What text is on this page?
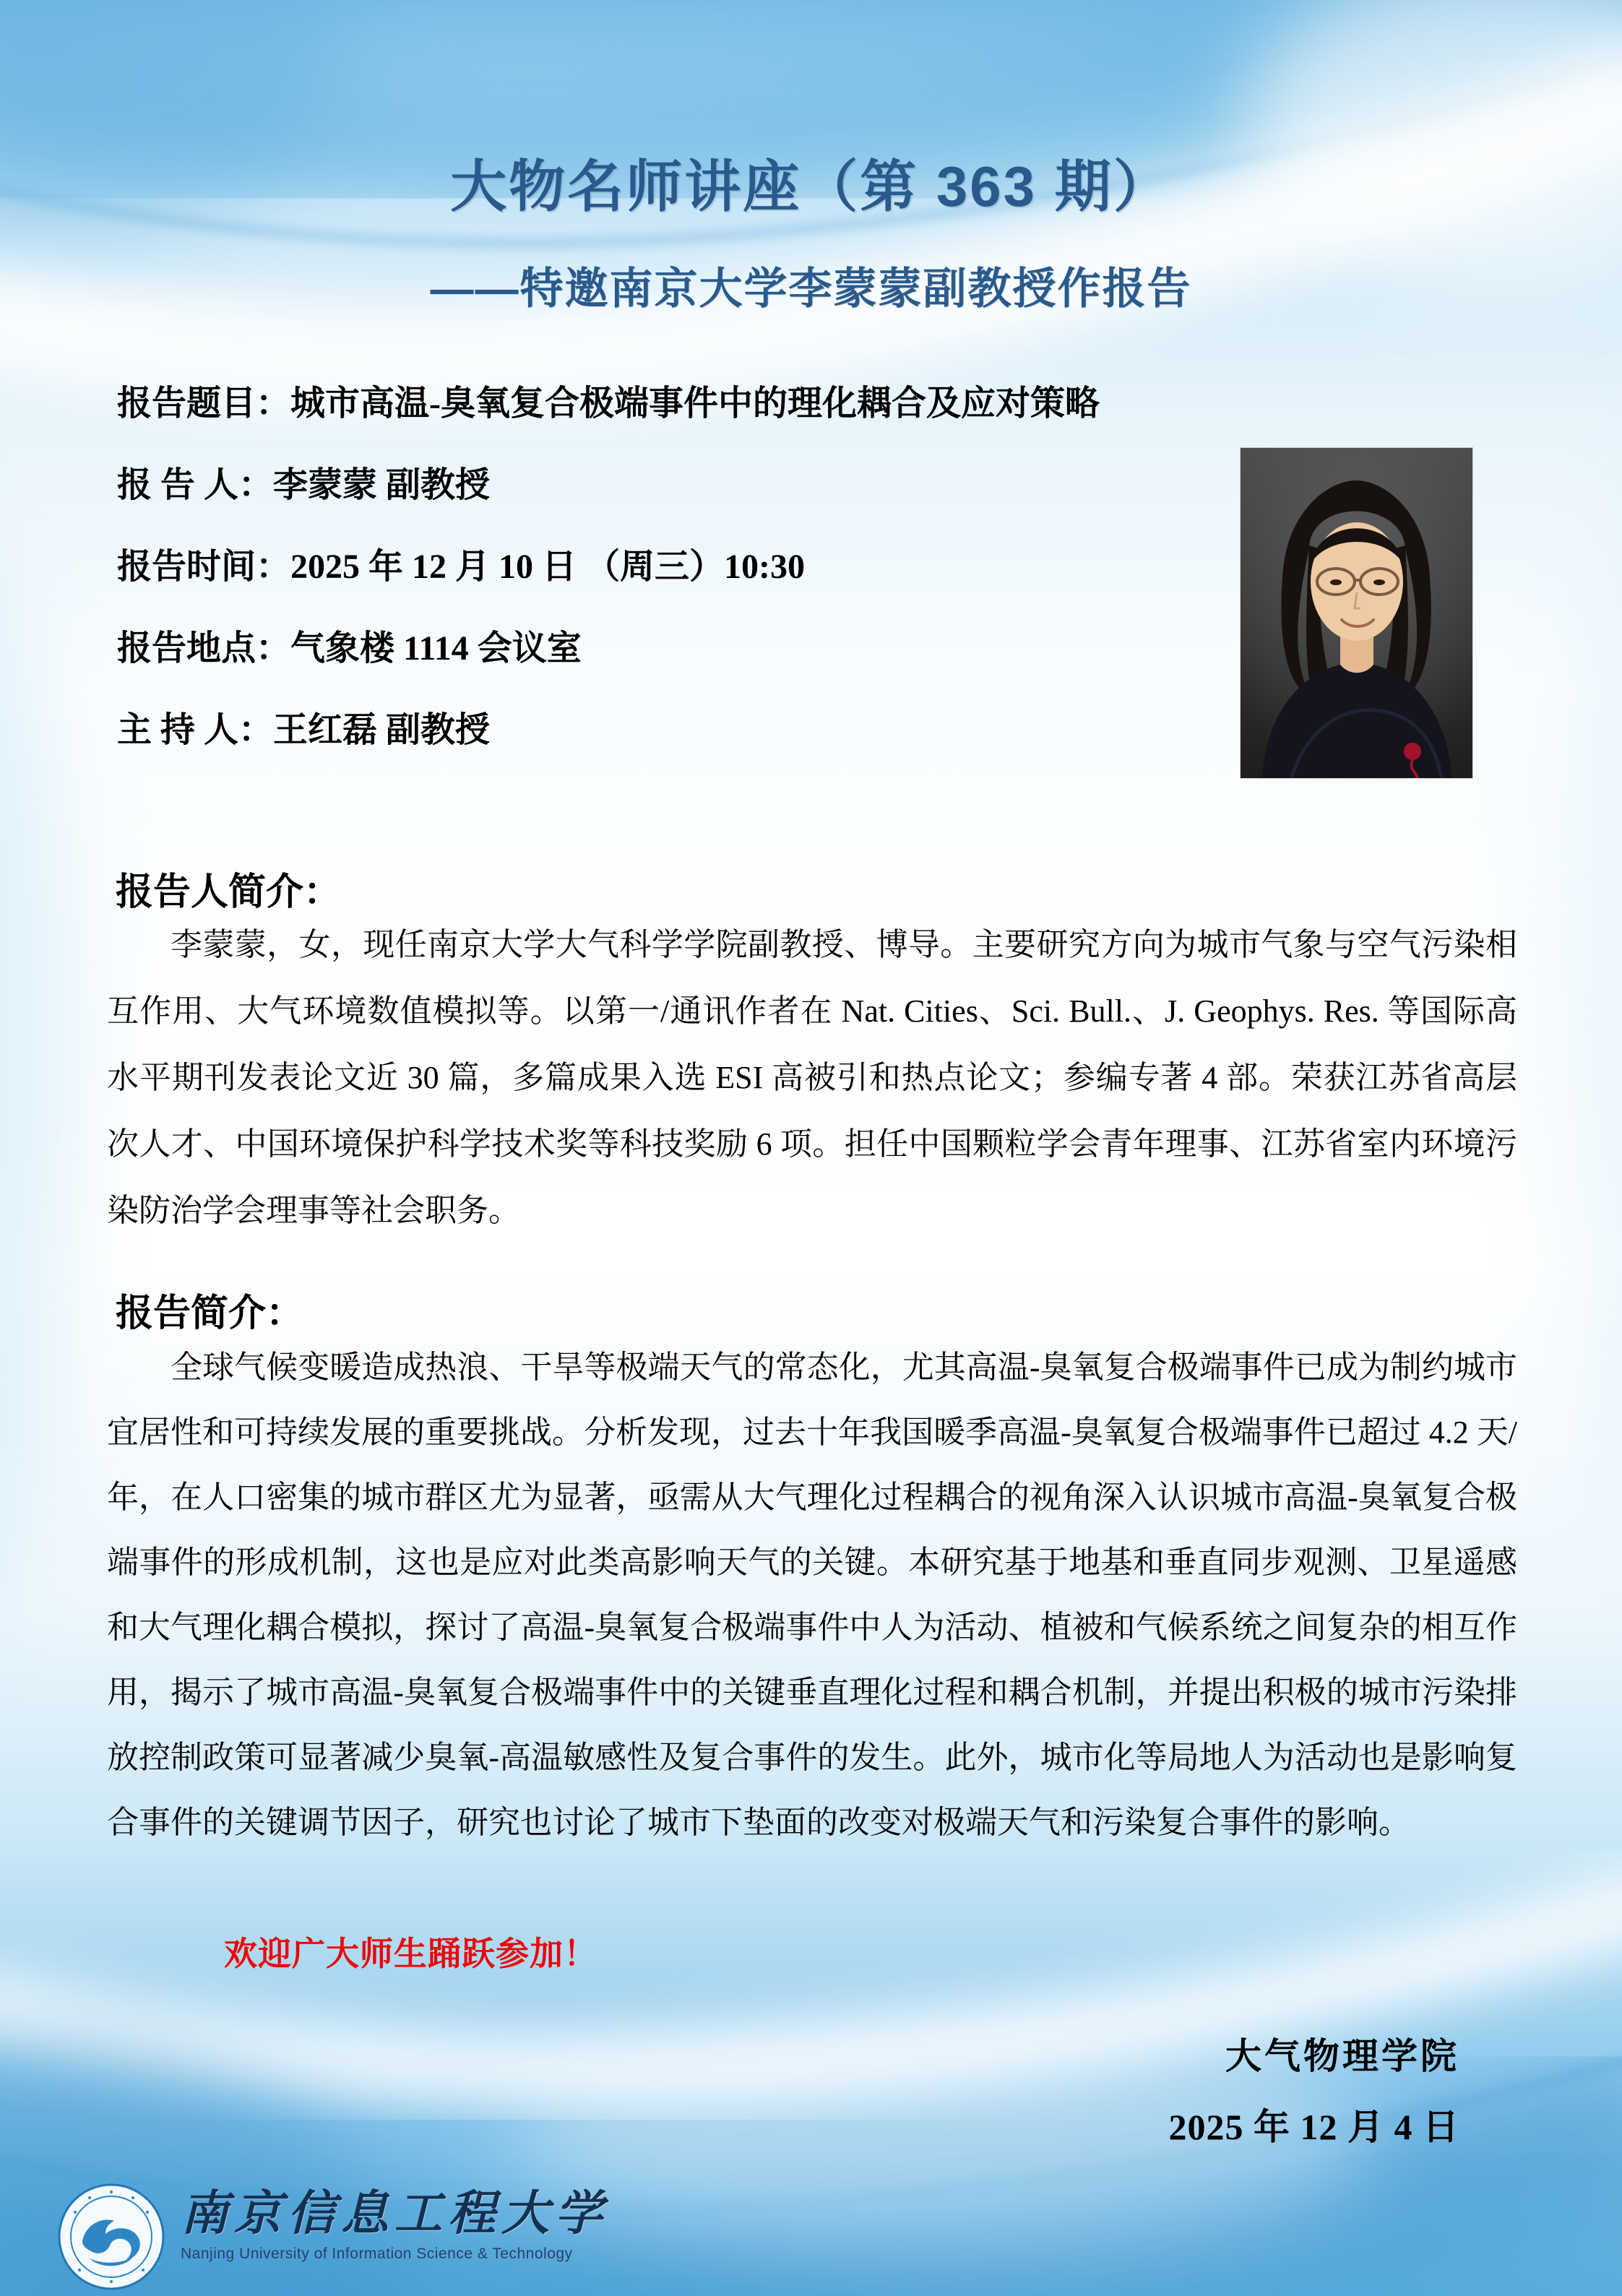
大物名师讲座（第 363 期）
——特邀南京大学李蒙蒙副教授作报告
报告题目：城市高温-臭氧复合极端事件中的理化耦合及应对策略
报 告 人：李蒙蒙 副教授
报告时间：2025 年 12 月 10 日 （周三）10:30
报告地点：气象楼 1114 会议室
主 持 人：王红磊 副教授
报告人简介：
李蒙蒙，女，现任南京大学大气科学学院副教授、博导。主要研究方向为城市气象与空气污染相互作用、大气环境数值模拟等。以第一/通讯作者在 Nat. Cities、Sci. Bull.、J. Geophys. Res. 等国际高水平期刊发表论文近 30 篇，多篇成果入选 ESI 高被引和热点论文；参编专著 4 部。荣获江苏省高层次人才、中国环境保护科学技术奖等科技奖励 6 项。担任中国颗粒学会青年理事、江苏省室内环境污染防治学会理事等社会职务。
报告简介：
全球气候变暖造成热浪、干旱等极端天气的常态化，尤其高温-臭氧复合极端事件已成为制约城市宜居性和可持续发展的重要挑战。分析发现，过去十年我国暖季高温-臭氧复合极端事件已超过 4.2 天/年，在人口密集的城市群区尤为显著，亟需从大气理化过程耦合的视角深入认识城市高温-臭氧复合极端事件的形成机制，这也是应对此类高影响天气的关键。本研究基于地基和垂直同步观测、卫星遥感和大气理化耦合模拟，探讨了高温-臭氧复合极端事件中人为活动、植被和气候系统之间复杂的相互作用，揭示了城市高温-臭氧复合极端事件中的关键垂直理化过程和耦合机制，并提出积极的城市污染排放控制政策可显著减少臭氧-高温敏感性及复合事件的发生。此外，城市化等局地人为活动也是影响复合事件的关键调节因子，研究也讨论了城市下垫面的改变对极端天气和污染复合事件的影响。
欢迎广大师生踊跃参加！
大气物理学院
2025 年 12 月 4 日
南京信息工程大学
Nanjing University of Information Science & Technology
